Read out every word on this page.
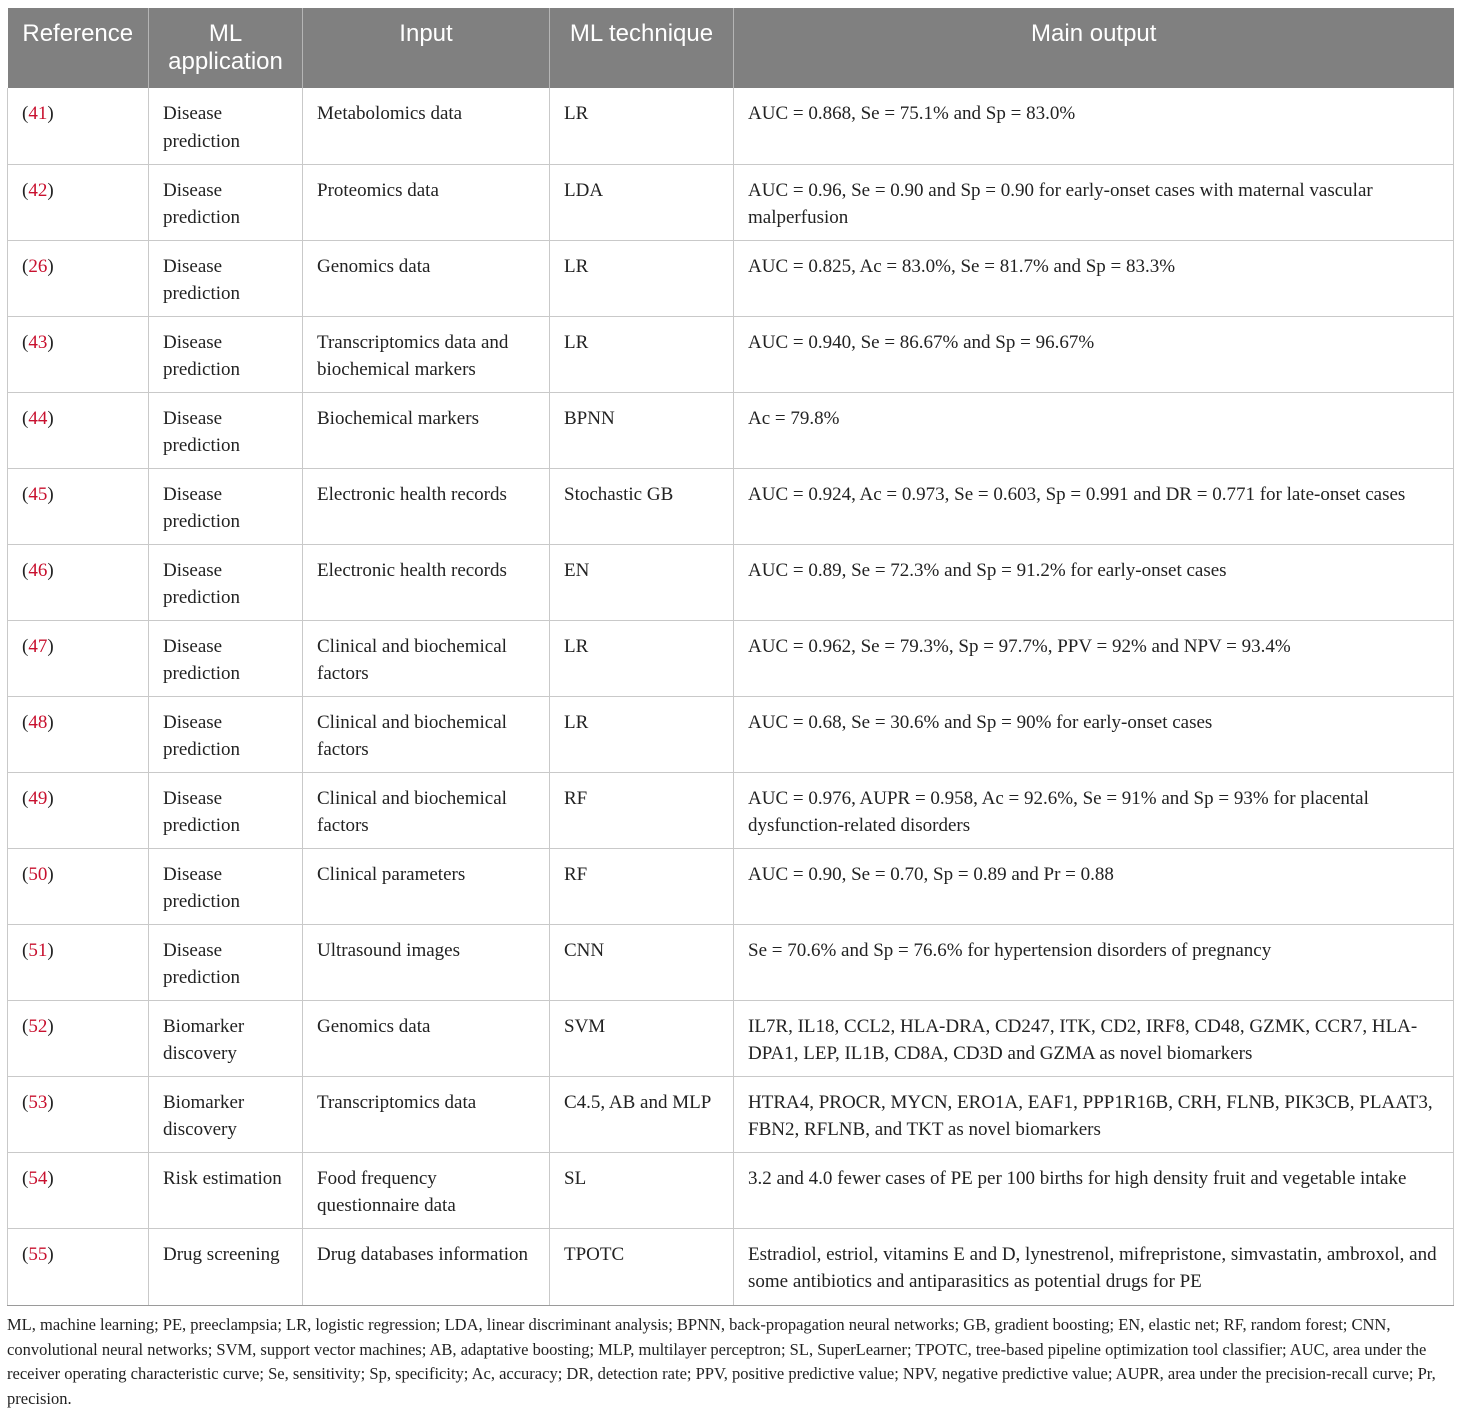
Reference	ML application	Input	ML technique	Main output
(41)	Disease prediction	Metabolomics data	LR	AUC = 0.868, Se = 75.1% and Sp = 83.0%
(42)	Disease prediction	Proteomics data	LDA	AUC = 0.96, Se = 0.90 and Sp = 0.90 for early-onset cases with maternal vascular malperfusion
(26)	Disease prediction	Genomics data	LR	AUC = 0.825, Ac = 83.0%, Se = 81.7% and Sp = 83.3%
(43)	Disease prediction	Transcriptomics data and biochemical markers	LR	AUC = 0.940, Se = 86.67% and Sp = 96.67%
(44)	Disease prediction	Biochemical markers	BPNN	Ac = 79.8%
(45)	Disease prediction	Electronic health records	Stochastic GB	AUC = 0.924, Ac = 0.973, Se = 0.603, Sp = 0.991 and DR = 0.771 for late-onset cases
(46)	Disease prediction	Electronic health records	EN	AUC = 0.89, Se = 72.3% and Sp = 91.2% for early-onset cases
(47)	Disease prediction	Clinical and biochemical factors	LR	AUC = 0.962, Se = 79.3%, Sp = 97.7%, PPV = 92% and NPV = 93.4%
(48)	Disease prediction	Clinical and biochemical factors	LR	AUC = 0.68, Se = 30.6% and Sp = 90% for early-onset cases
(49)	Disease prediction	Clinical and biochemical factors	RF	AUC = 0.976, AUPR = 0.958, Ac = 92.6%, Se = 91% and Sp = 93% for placental dysfunction-related disorders
(50)	Disease prediction	Clinical parameters	RF	AUC = 0.90, Se = 0.70, Sp = 0.89 and Pr = 0.88
(51)	Disease prediction	Ultrasound images	CNN	Se = 70.6% and Sp = 76.6% for hypertension disorders of pregnancy
(52)	Biomarker discovery	Genomics data	SVM	IL7R, IL18, CCL2, HLA-DRA, CD247, ITK, CD2, IRF8, CD48, GZMK, CCR7, HLA-DPA1, LEP, IL1B, CD8A, CD3D and GZMA as novel biomarkers
(53)	Biomarker discovery	Transcriptomics data	C4.5, AB and MLP	HTRA4, PROCR, MYCN, ERO1A, EAF1, PPP1R16B, CRH, FLNB, PIK3CB, PLAAT3, FBN2, RFLNB, and TKT as novel biomarkers
(54)	Risk estimation	Food frequency questionnaire data	SL	3.2 and 4.0 fewer cases of PE per 100 births for high density fruit and vegetable intake
(55)	Drug screening	Drug databases information	TPOTC	Estradiol, estriol, vitamins E and D, lynestrenol, mifrepristone, simvastatin, ambroxol, and some antibiotics and antiparasitics as potential drugs for PE
ML, machine learning; PE, preeclampsia; LR, logistic regression; LDA, linear discriminant analysis; BPNN, back-propagation neural networks; GB, gradient boosting; EN, elastic net; RF, random forest; CNN, convolutional neural networks; SVM, support vector machines; AB, adaptative boosting; MLP, multilayer perceptron; SL, SuperLearner; TPOTC, tree-based pipeline optimization tool classifier; AUC, area under the receiver operating characteristic curve; Se, sensitivity; Sp, specificity; Ac, accuracy; DR, detection rate; PPV, positive predictive value; NPV, negative predictive value; AUPR, area under the precision-recall curve; Pr, precision.
